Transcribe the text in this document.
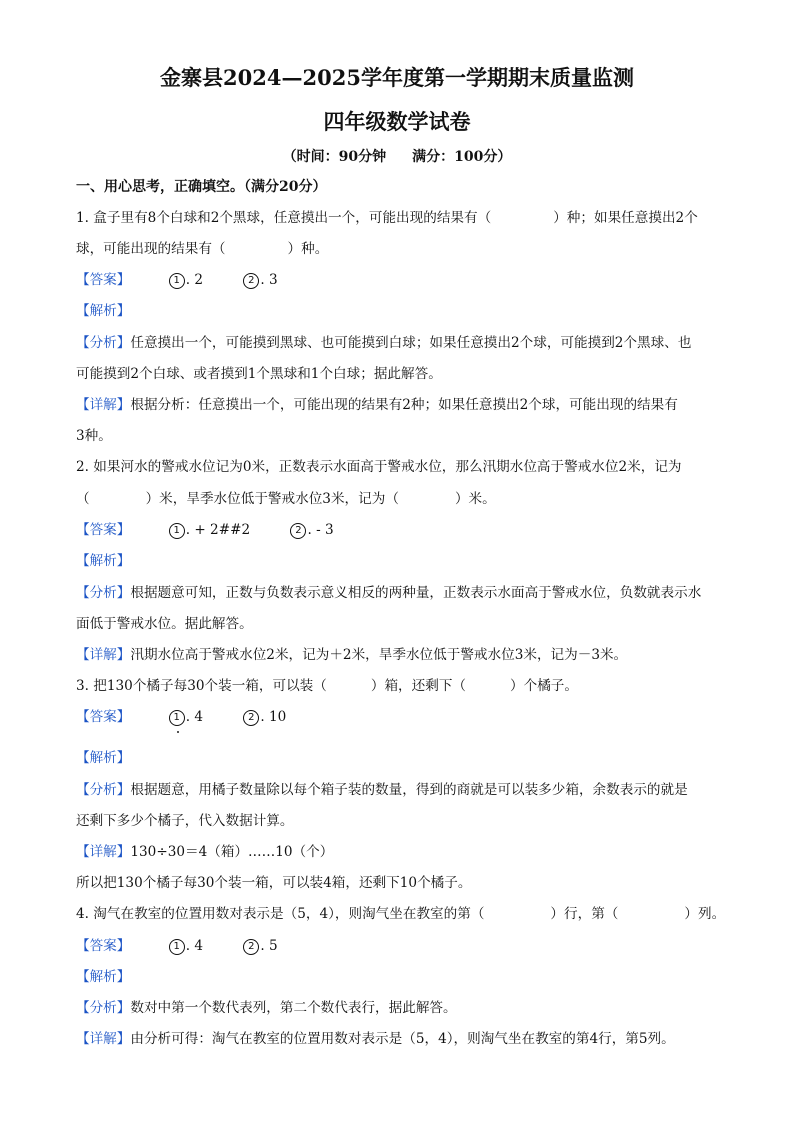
金寨县2024—2025学年度第一学期期末质量监测
四年级数学试卷
（时间：90分钟 满分：100分）
一、用心思考，正确填空。（满分20分）
1. 盒子里有8个白球和2个黑球，任意摸出一个，可能出现的结果有（	）种；如果任意摸出2个
球，可能出现的结果有（	）种。
【答案】	1 . 2	2 . 3
【解析】
【分析】任意摸出一个，可能摸到黑球、也可能摸到白球；如果任意摸出2个球，可能摸到2个黑球、也
可能摸到2个白球、或者摸到1个黑球和1个白球；据此解答。
【详解】根据分析：任意摸出一个，可能出现的结果有2种；如果任意摸出2个球，可能出现的结果有
3种。
2. 如果河水的警戒水位记为0米，正数表示水面高于警戒水位，那么汛期水位高于警戒水位2米，记为
（	）米，旱季水位低于警戒水位3米，记为（	）米。
【答案】	1 . + 2##2	2 . - 3
【解析】
【分析】根据题意可知，正数与负数表示意义相反的两种量，正数表示水面高于警戒水位，负数就表示水
面低于警戒水位。据此解答。
【详解】汛期水位高于警戒水位2米，记为＋2米，旱季水位低于警戒水位3米，记为－3米。
3. 把130个橘子每30个装一箱，可以装（	）箱，还剩下（	）个橘子。
【答案】	1 . 4	2 . 10
【解析】
【分析】根据题意，用橘子数量除以每个箱子装的数量，得到的商就是可以装多少箱，余数表示的就是
还剩下多少个橘子，代入数据计算。
【详解】130÷30＝4（箱）……10（个）
所以把130个橘子每30个装一箱，可以装4箱，还剩下10个橘子。
4. 淘气在教室的位置用数对表示是（5，4），则淘气坐在教室的第（	）行，第（	）列。
【答案】	1 . 4	2 . 5
【解析】
【分析】数对中第一个数代表列，第二个数代表行，据此解答。
【详解】由分析可得：淘气在教室的位置用数对表示是（5，4），则淘气坐在教室的第4行，第5列。
